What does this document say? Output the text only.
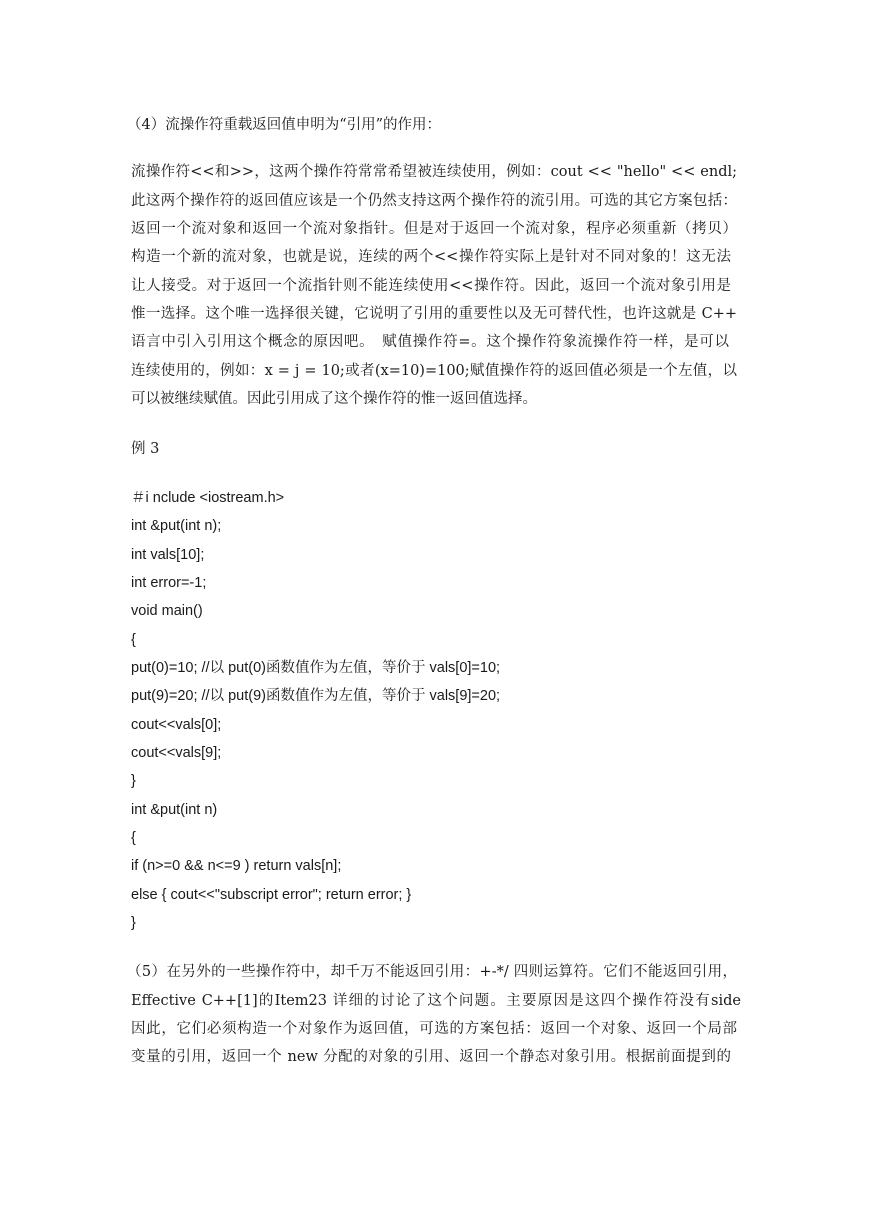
（4）流操作符重载返回值申明为“引用”的作用：
流操作符<<和>>，这两个操作符常常希望被连续使用，例如：cout << "hello" << endl;　
此这两个操作符的返回值应该是一个仍然支持这两个操作符的流引用。可选的其它方案包括：
返回一个流对象和返回一个流对象指针。但是对于返回一个流对象，程序必须重新（拷贝）
构造一个新的流对象，也就是说，连续的两个<<操作符实际上是针对不同对象的！这无法
让人接受。对于返回一个流指针则不能连续使用<<操作符。因此，返回一个流对象引用是
惟一选择。这个唯一选择很关键，它说明了引用的重要性以及无可替代性，也许这就是 C++
语言中引入引用这个概念的原因吧。　赋值操作符=。这个操作符象流操作符一样，是可以
连续使用的，例如：x = j = 10;或者(x=10)=100;赋值操作符的返回值必须是一个左值，以
可以被继续赋值。因此引用成了这个操作符的惟一返回值选择。
例 3
＃i nclude <iostream.h>
int &put(int n);
int vals[10];
int error=-1;
void main()
{
put(0)=10; //以 put(0)函数值作为左值，等价于 vals[0]=10;
put(9)=20; //以 put(9)函数值作为左值，等价于 vals[9]=20;
cout<<vals[0];
cout<<vals[9];
}
int &put(int n)
{
if (n>=0 && n<=9 ) return vals[n];
else { cout<<"subscript error"; return error; }
}
（5）在另外的一些操作符中，却千万不能返回引用：+-*/ 四则运算符。它们不能返回引用，
Effective C++[1]的Item23 详细的讨论了这个问题。主要原因是这四个操作符没有side
因此，它们必须构造一个对象作为返回值，可选的方案包括：返回一个对象、返回一个局部
变量的引用，返回一个 new 分配的对象的引用、返回一个静态对象引用。根据前面提到的
